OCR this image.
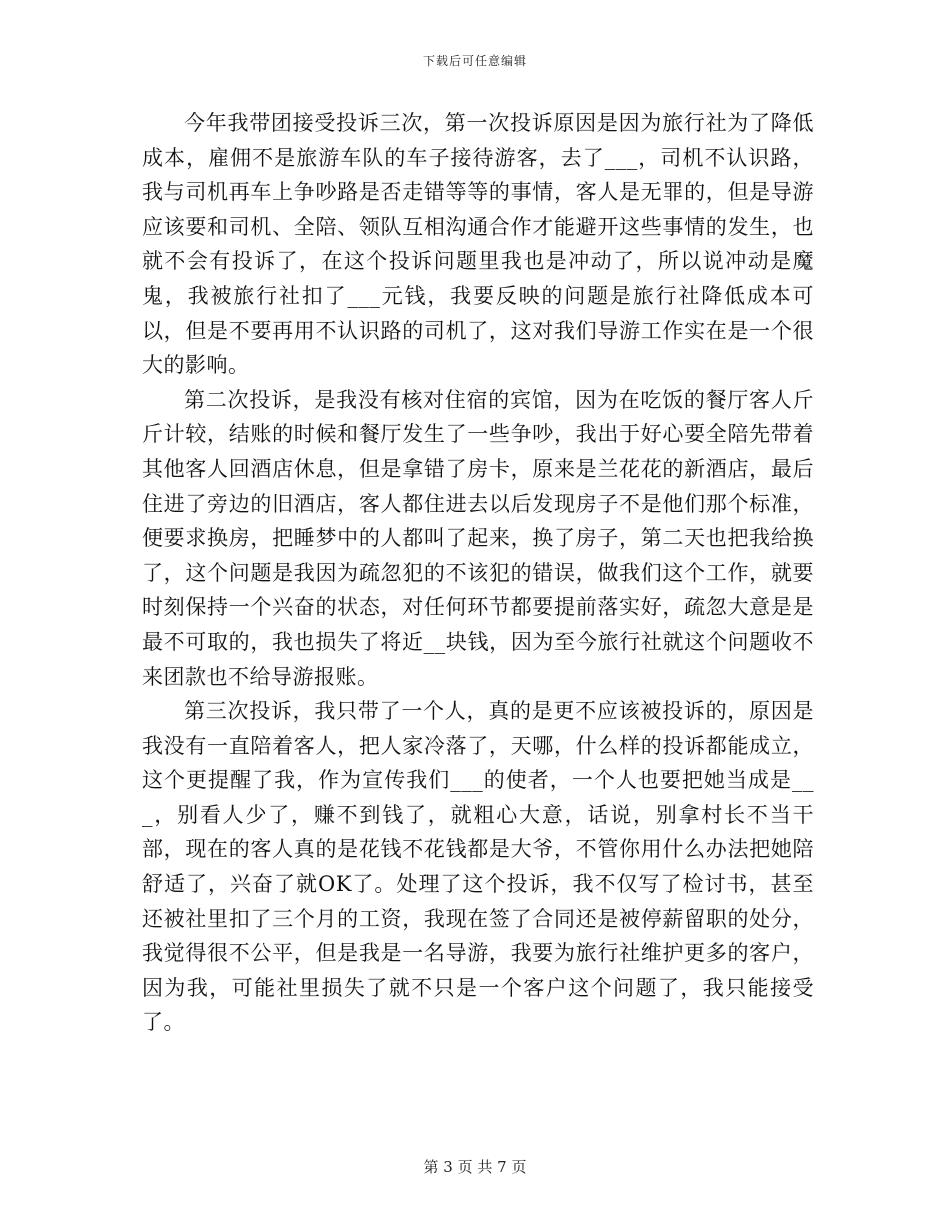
下载后可任意编辑

今年我带团接受投诉三次，第一次投诉原因是因为旅行社为了降低成本，雇佣不是旅游车队的车子接待游客，去了___，司机不认识路，我与司机再车上争吵路是否走错等等的事情，客人是无罪的，但是导游应该要和司机、全陪、领队互相沟通合作才能避开这些事情的发生，也就不会有投诉了，在这个投诉问题里我也是冲动了，所以说冲动是魔鬼，我被旅行社扣了___元钱，我要反映的问题是旅行社降低成本可以，但是不要再用不认识路的司机了，这对我们导游工作实在是一个很大的影响。

第二次投诉，是我没有核对住宿的宾馆，因为在吃饭的餐厅客人斤斤计较，结账的时候和餐厅发生了一些争吵，我出于好心要全陪先带着其他客人回酒店休息，但是拿错了房卡，原来是兰花花的新酒店，最后住进了旁边的旧酒店，客人都住进去以后发现房子不是他们那个标准，便要求换房，把睡梦中的人都叫了起来，换了房子，第二天也把我给换了，这个问题是我因为疏忽犯的不该犯的错误，做我们这个工作，就要时刻保持一个兴奋的状态，对任何环节都要提前落实好，疏忽大意是是最不可取的，我也损失了将近__块钱，因为至今旅行社就这个问题收不来团款也不给导游报账。

第三次投诉，我只带了一个人，真的是更不应该被投诉的，原因是我没有一直陪着客人，把人家冷落了，天哪，什么样的投诉都能成立，这个更提醒了我，作为宣传我们___的使者，一个人也要把她当成是___，别看人少了，赚不到钱了，就粗心大意，话说，别拿村长不当干部，现在的客人真的是花钱不花钱都是大爷，不管你用什么办法把她陪舒适了，兴奋了就OK了。处理了这个投诉，我不仅写了检讨书，甚至还被社里扣了三个月的工资，我现在签了合同还是被停薪留职的处分，我觉得很不公平，但是我是一名导游，我要为旅行社维护更多的客户，因为我，可能社里损失了就不只是一个客户这个问题了，我只能接受了。

第 3 页 共 7 页
